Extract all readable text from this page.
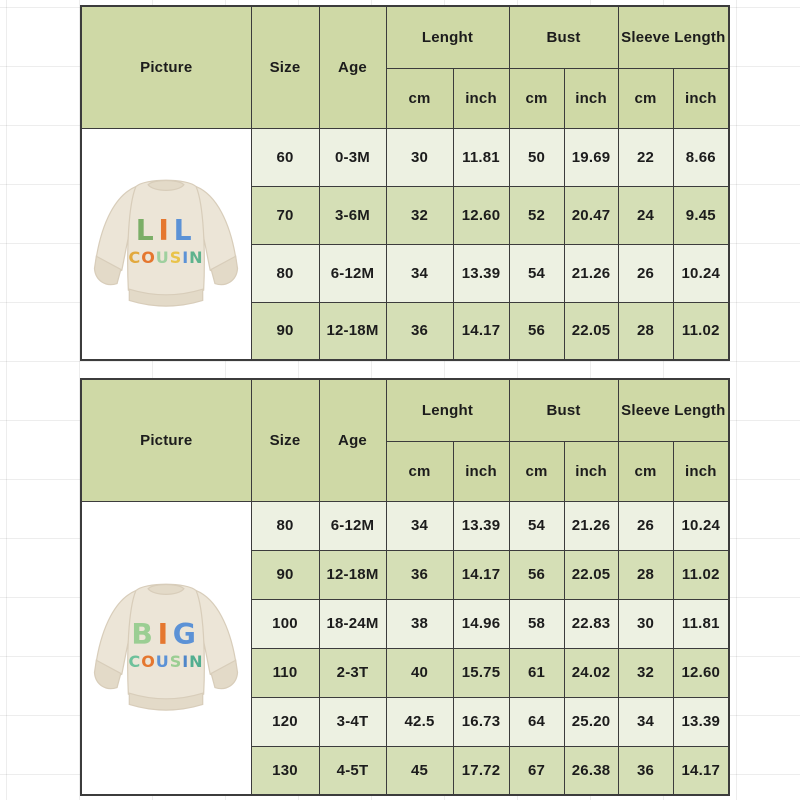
Picture	Size	Age	Lenght		Bust		Sleeve Length	
			cm	inch	cm	inch	cm	inch

LIL
COUSIN	60	0-3M	30	11.81	50	19.69	22	8.66
	70	3-6M	32	12.60	52	20.47	24	9.45
	80	6-12M	34	13.39	54	21.26	26	10.24
	90	12-18M	36	14.17	56	22.05	28	11.02
Picture	Size	Age	Lenght		Bust		Sleeve Length	
			cm	inch	cm	inch	cm	inch

BIG
COUSIN	80	6-12M	34	13.39	54	21.26	26	10.24
	90	12-18M	36	14.17	56	22.05	28	11.02
	100	18-24M	38	14.96	58	22.83	30	11.81
	110	2-3T	40	15.75	61	24.02	32	12.60
	120	3-4T	42.5	16.73	64	25.20	34	13.39
	130	4-5T	45	17.72	67	26.38	36	14.17
